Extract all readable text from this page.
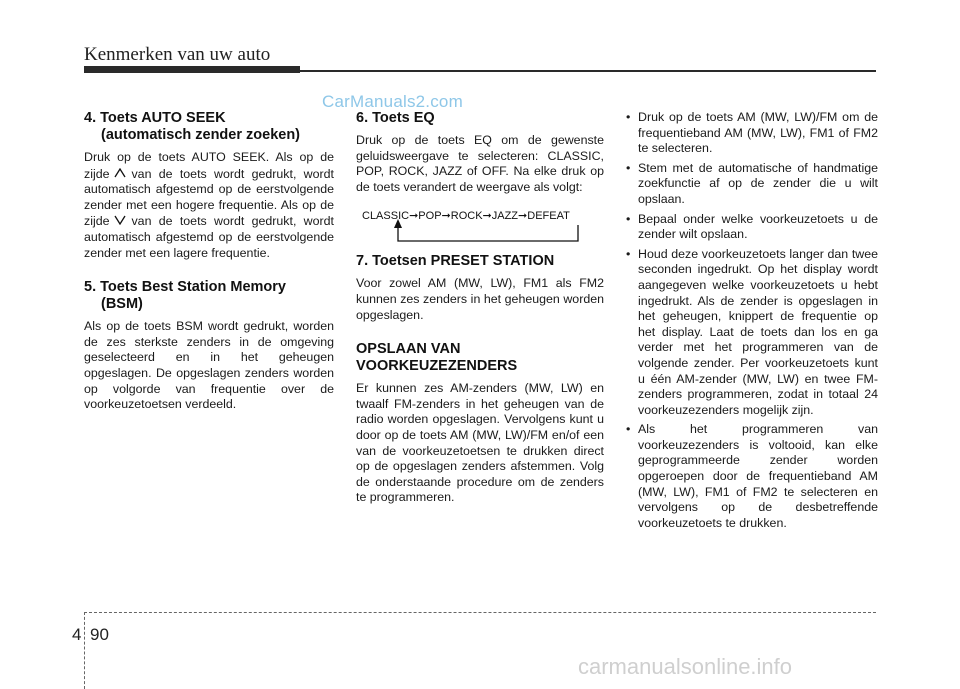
Kenmerken van uw auto
CarManuals2.com
4. Toets AUTO SEEK
(automatisch zender zoeken)

Druk op de toets AUTO SEEK. Als op de zijde van de toets wordt gedrukt, wordt automatisch afgestemd op de eerstvolgende zender met een hogere frequentie. Als op de zijde van de toets wordt gedrukt, wordt automatisch afgestemd op de eerstvolgende zender met een lagere frequentie.

5. Toets Best Station Memory
(BSM)

Als op de toets BSM wordt gedrukt, worden de zes sterkste zenders in de omgeving geselecteerd en in het geheugen opgeslagen. De opgeslagen zenders worden op volgorde van frequentie over de voorkeuzetoetsen verdeeld.

6. Toets EQ

Druk op de toets EQ om de gewenste geluidsweergave te selecteren: CLASSIC, POP, ROCK, JAZZ of OFF. Na elke druk op de toets verandert de weergave als volgt:

CLASSIC➞POP➞ROCK➞JAZZ➞DEFEAT
7. Toetsen PRESET STATION

Voor zowel AM (MW, LW), FM1 als FM2 kunnen zes zenders in het geheugen worden opgeslagen.

OPSLAAN VAN
VOORKEUZEZENDERS

Er kunnen zes AM-zenders (MW, LW) en twaalf FM-zenders in het geheugen van de radio worden opgeslagen. Vervolgens kunt u door op de toets AM (MW, LW)/FM en/of een van de voorkeuzetoetsen te drukken direct op de opgeslagen zenders afstemmen. Volg de onderstaande procedure om de zenders te programmeren.

• Druk op de toets AM (MW, LW)/FM om de frequentieband AM (MW, LW), FM1 of FM2 te selecteren.
• Stem met de automatische of handmatige zoekfunctie af op de zender die u wilt opslaan.
• Bepaal onder welke voorkeuzetoets u de zender wilt opslaan.
• Houd deze voorkeuzetoets langer dan twee seconden ingedrukt. Op het display wordt aangegeven welke voorkeuzetoets u hebt ingedrukt. Als de zender is opgeslagen in het geheugen, knippert de frequentie op het display. Laat de toets dan los en ga verder met het programmeren van de volgende zender. Per voorkeuzetoets kunt u één AM-zender (MW, LW) en twee FM-zenders programmeren, zodat in totaal 24 voorkeuzezenders mogelijk zijn.
• Als het programmeren van voorkeuzezenders is voltooid, kan elke geprogrammeerde zender worden opgeroepen door de frequentieband AM (MW, LW), FM1 of FM2 te selecteren en vervolgens op de desbetreffende voorkeuzetoets te drukken.
4 90
carmanualsonline.info
